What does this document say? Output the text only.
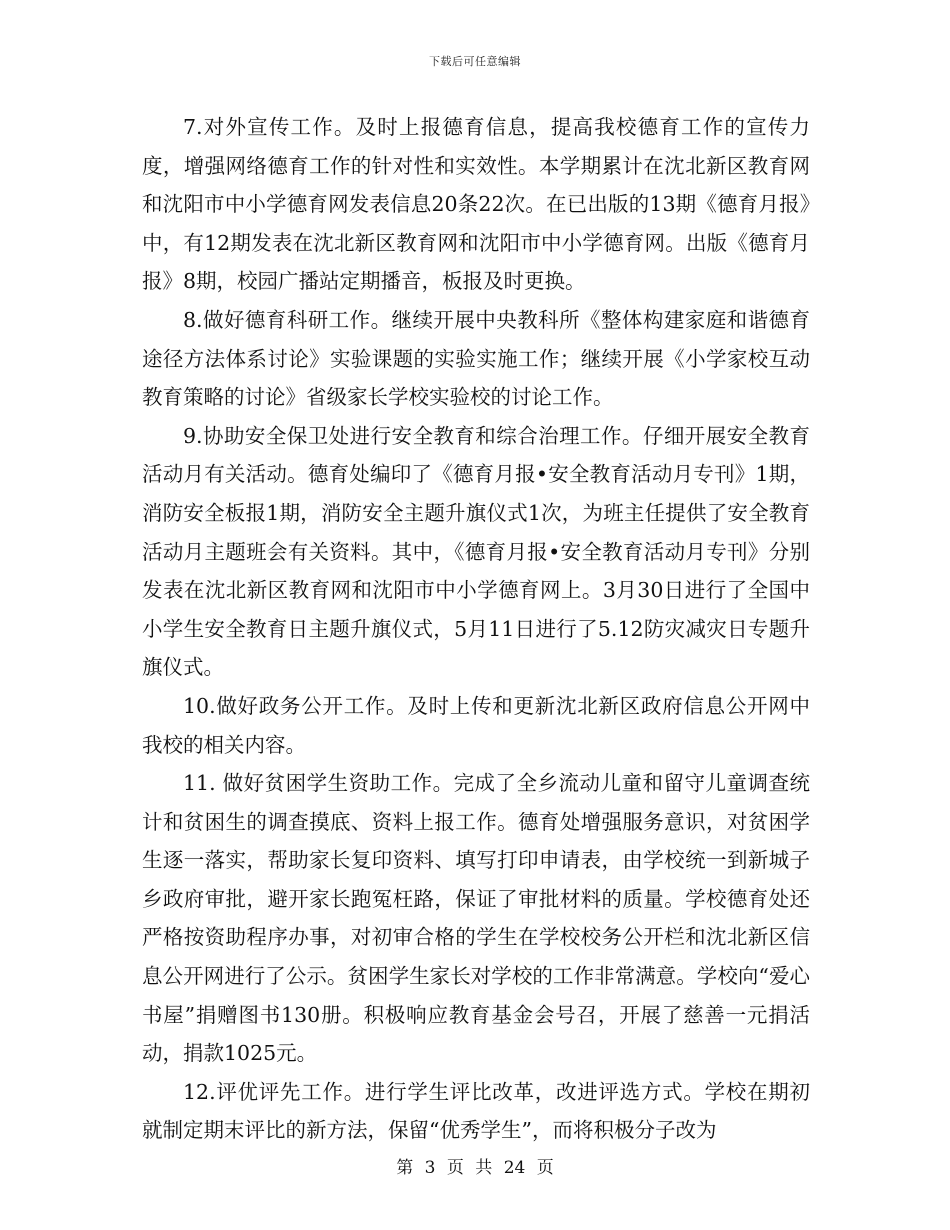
下载后可任意编辑

7.对外宣传工作。及时上报德育信息，提高我校德育工作的宣传力度，增强网络德育工作的针对性和实效性。本学期累计在沈北新区教育网和沈阳市中小学德育网发表信息20条22次。在已出版的13期《德育月报》中，有12期发表在沈北新区教育网和沈阳市中小学德育网。出版《德育月报》8期，校园广播站定期播音，板报及时更换。

8.做好德育科研工作。继续开展中央教科所《整体构建家庭和谐德育途径方法体系讨论》实验课题的实验实施工作；继续开展《小学家校互动教育策略的讨论》省级家长学校实验校的讨论工作。

9.协助安全保卫处进行安全教育和综合治理工作。仔细开展安全教育活动月有关活动。德育处编印了《德育月报•安全教育活动月专刊》1期，消防安全板报1期，消防安全主题升旗仪式1次，为班主任提供了安全教育活动月主题班会有关资料。其中，《德育月报•安全教育活动月专刊》分别发表在沈北新区教育网和沈阳市中小学德育网上。3月30日进行了全国中小学生安全教育日主题升旗仪式，5月11日进行了5.12防灾减灾日专题升旗仪式。

10.做好政务公开工作。及时上传和更新沈北新区政府信息公开网中我校的相关内容。

11. 做好贫困学生资助工作。完成了全乡流动儿童和留守儿童调查统计和贫困生的调查摸底、资料上报工作。德育处增强服务意识，对贫困学生逐一落实，帮助家长复印资料、填写打印申请表，由学校统一到新城子乡政府审批，避开家长跑冤枉路，保证了审批材料的质量。学校德育处还严格按资助程序办事，对初审合格的学生在学校校务公开栏和沈北新区信息公开网进行了公示。贫困学生家长对学校的工作非常满意。学校向“爱心书屋”捐赠图书130册。积极响应教育基金会号召，开展了慈善一元捐活动，捐款1025元。

12.评优评先工作。进行学生评比改革，改进评选方式。学校在期初就制定期末评比的新方法，保留“优秀学生”，而将积极分子改为

第 3 页 共 24 页
